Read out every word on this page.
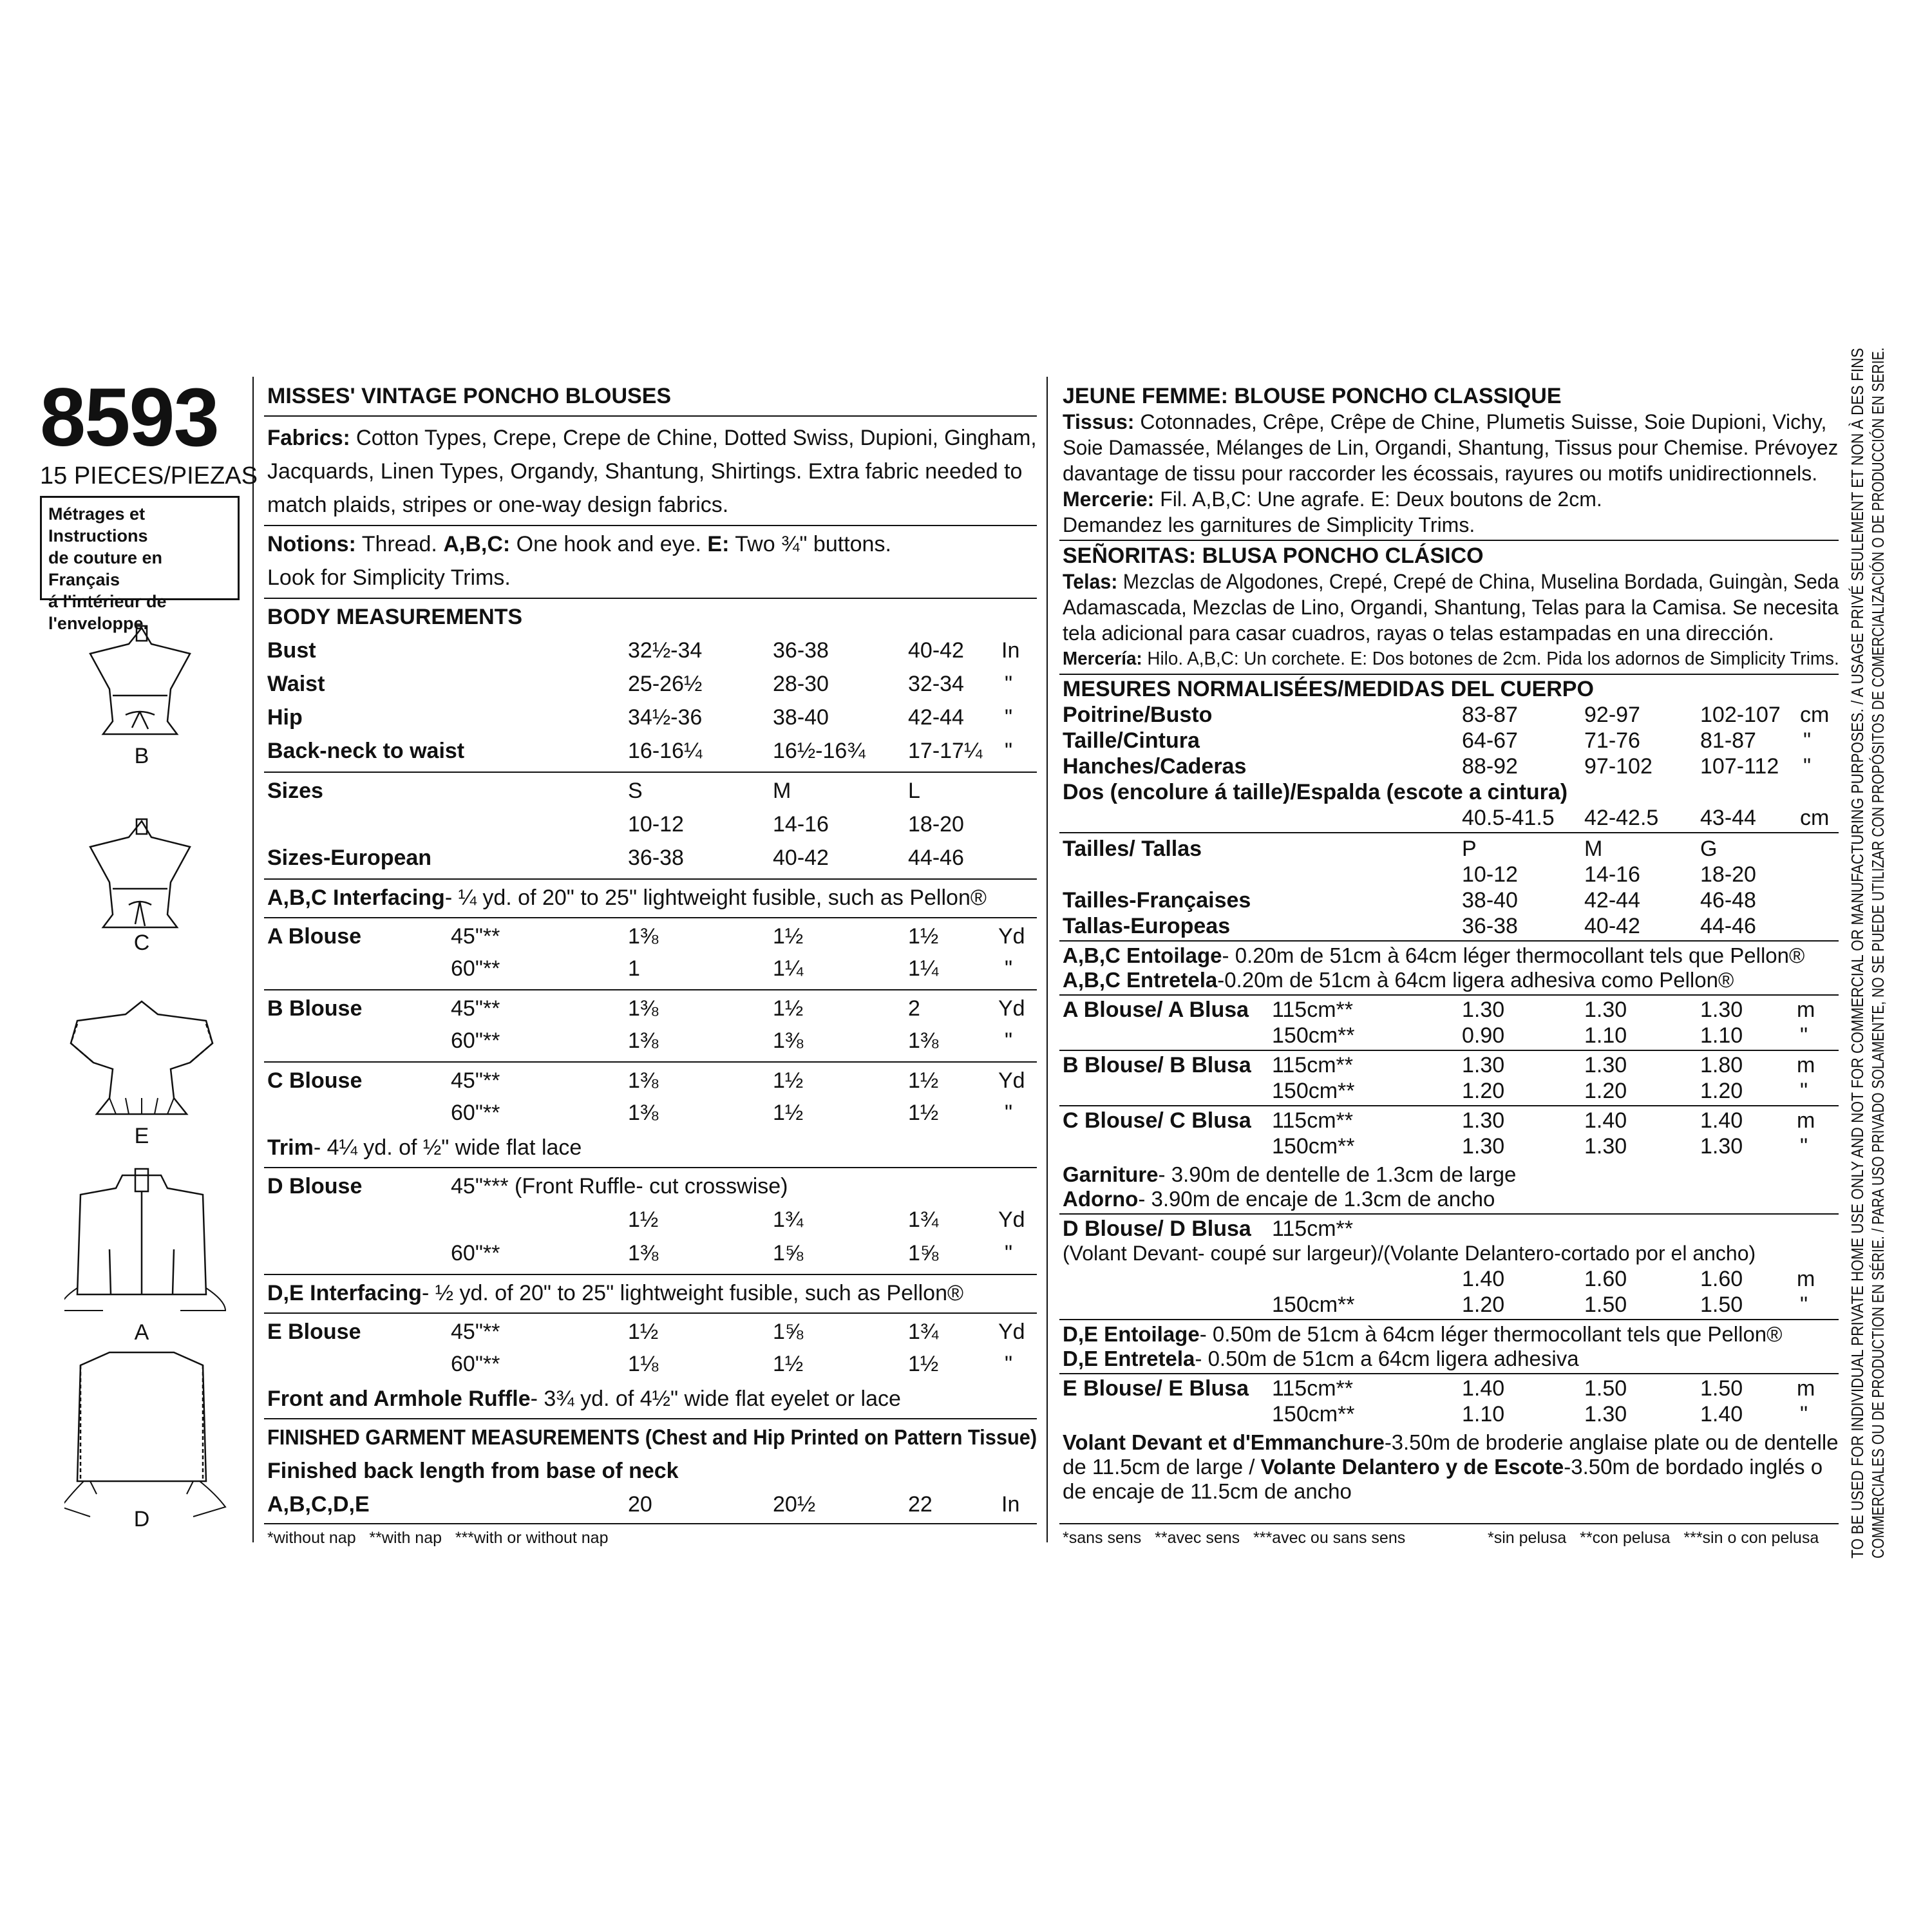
8593
15 PIECES/PIEZAS
Métrages et Instructions
de couture en Français
á l'intérieur de
l'enveloppe.
B
C
E
A
D
MISSES' VINTAGE PONCHO BLOUSES
Fabrics: Cotton Types, Crepe, Crepe de Chine, Dotted Swiss, Dupioni, Gingham,
Jacquards, Linen Types, Organdy, Shantung, Shirtings. Extra fabric needed to
match plaids, stripes or one-way design fabrics.
Notions: Thread. A,B,C: One hook and eye. E: Two ¾" buttons.
Look for Simplicity Trims.
BODY MEASUREMENTS
Bust	32½-34	36-38	40-42 In
Waist	25-26½	28-30	32-34 "
Hip	34½-36	38-40	42-44 "
Back-neck to waist	16-16¼	16½-16¾ 17-17¼ "
Sizes	S	M	L
10-12	14-16	18-20
Sizes-European	36-38	40-42	44-46
A,B,C Interfacing- ¼ yd. of 20" to 25" lightweight fusible, such as Pellon®
A Blouse	45"**	1⅜	1½	1½	Yd
60"**	1	1¼	1¼	"
B Blouse	45"**	1⅜	1½	2	Yd
60"**	1⅜	1⅜	1⅜	"
C Blouse	45"**	1⅜	1½	1½	Yd
60"**	1⅜	1½	1½	"
Trim- 4¼ yd. of ½" wide flat lace
D Blouse	45"*** (Front Ruffle- cut crosswise)
1½	1¾	1¾	Yd
60"**	1⅜	1⅝	1⅝	"
D,E Interfacing- ½ yd. of 20" to 25" lightweight fusible, such as Pellon®
E Blouse	45"**	1½	1⅝	1¾	Yd
60"**	1⅛	1½	1½	"
Front and Armhole Ruffle- 3¾ yd. of 4½" wide flat eyelet or lace
FINISHED GARMENT MEASUREMENTS (Chest and Hip Printed on Pattern Tissue)
Finished back length from base of neck
A,B,C,D,E	20	20½	22	In
*without nap   **with nap   ***with or without nap
JEUNE FEMME: BLOUSE PONCHO CLASSIQUE
Tissus: Cotonnades, Crêpe, Crêpe de Chine, Plumetis Suisse, Soie Dupioni, Vichy,
Soie Damassée, Mélanges de Lin, Organdi, Shantung, Tissus pour Chemise. Prévoyez
davantage de tissu pour raccorder les écossais, rayures ou motifs unidirectionnels.
Mercerie: Fil. A,B,C: Une agrafe. E: Deux boutons de 2cm.
Demandez les garnitures de Simplicity Trims.
SEÑORITAS: BLUSA PONCHO CLÁSICO
Telas: Mezclas de Algodones, Crepé, Crepé de China, Muselina Bordada, Guingàn, Seda
Adamascada, Mezclas de Lino, Organdi, Shantung, Telas para la Camisa. Se necesita
tela adicional para casar cuadros, rayas o telas estampadas en una dirección.
Mercería: Hilo. A,B,C: Un corchete. E: Dos botones de 2cm. Pida los adornos de Simplicity Trims.
MESURES NORMALISÉES/MEDIDAS DEL CUERPO
Poitrine/Busto	83-87	92-97	102-107 cm
Taille/Cintura	64-67	71-76	81-87 "
Hanches/Caderas	88-92	97-102 107-112 "
Dos (encolure á taille)/Espalda (escote a cintura)
40.5-41.5 42-42.5 43-44 cm
Tailles/ Tallas	P	M	G
10-12	14-16	18-20
Tailles-Françaises	38-40	42-44	46-48
Tallas-Europeas	36-38	40-42	44-46
A,B,C Entoilage- 0.20m de 51cm à 64cm léger thermocollant tels que Pellon®
A,B,C Entretela-0.20m de 51cm à 64cm ligera adhesiva como Pellon®
A Blouse/ A Blusa 115cm**	1.30	1.30	1.30 m
150cm**	0.90	1.10	1.10	"
B Blouse/ B Blusa 115cm**	1.30	1.30	1.80 m
150cm**	1.20	1.20	1.20	"
C Blouse/ C Blusa 115cm**	1.30	1.40	1.40 m
150cm**	1.30	1.30	1.30	"
Garniture- 3.90m de dentelle de 1.3cm de large
Adorno- 3.90m de encaje de 1.3cm de ancho
D Blouse/ D Blusa 115cm**
(Volant Devant- coupé sur largeur)/(Volante Delantero-cortado por el ancho)
1.40	1.60	1.60 m
150cm**	1.20	1.50	1.50	"
D,E Entoilage- 0.50m de 51cm à 64cm léger thermocollant tels que Pellon®
D,E Entretela- 0.50m de 51cm a 64cm ligera adhesiva
E Blouse/ E Blusa 115cm**	1.40	1.50	1.50 m
150cm**	1.10	1.30	1.40	"
Volant Devant et d'Emmanchure-3.50m de broderie anglaise plate ou de dentelle
de 11.5cm de large / Volante Delantero y de Escote-3.50m de bordado inglés o
de encaje de 11.5cm de ancho
*sans sens   **avec sens   ***avec ou sans sens	*sin pelusa   **con pelusa   ***sin o con pelusa TO BE USED FOR INDIVIDUAL PRIVATE HOME USE ONLY AND NOT FOR COMMERCIAL OR MANUFACTURING PURPOSES. / A USAGE PRIVÉ SEULEMENT ET NON À DES FINS COMMERCIALES OU DE PRODUCTION EN SÉRIE. / PARA USO PRIVADO SOLAMENTE, NO SE PUEDE UTILIZAR CON PROPÓSITOS DE COMERCIALIZACIÓN O DE PRODUCCIÓN EN SERIE.
